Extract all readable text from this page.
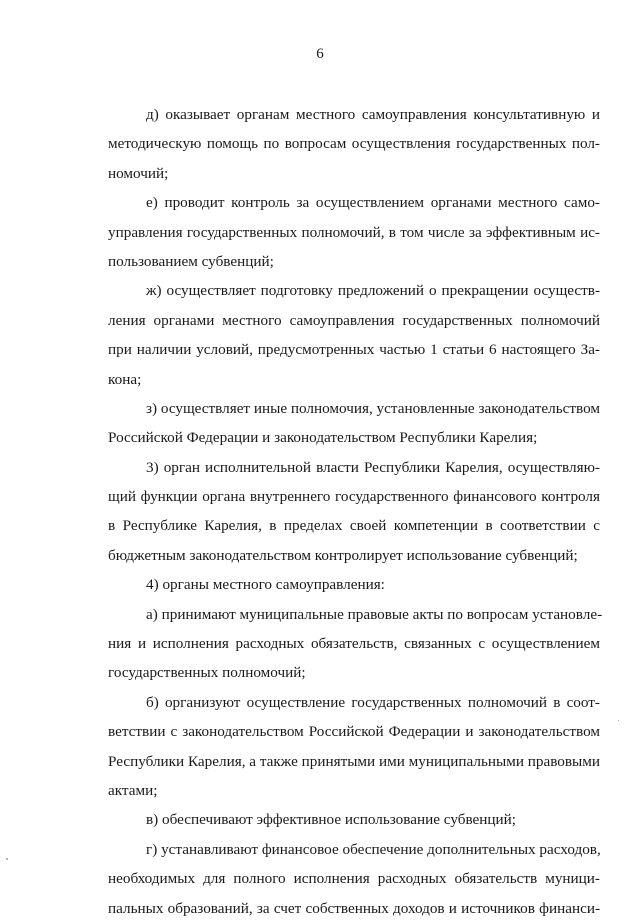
6
д) оказывает органам местного самоуправления консультативную и
методическую помощь по вопросам осуществления государственных пол-
номочий;
е) проводит контроль за осуществлением органами местного само-
управления государственных полномочий, в том числе за эффективным ис-
пользованием субвенций;
ж) осуществляет подготовку предложений о прекращении осуществ-
ления органами местного самоуправления государственных полномочий
при наличии условий, предусмотренных частью 1 статьи 6 настоящего За-
кона;
з) осуществляет иные полномочия, установленные законодательством
Российской Федерации и законодательством Республики Карелия;
3) орган исполнительной власти Республики Карелия, осуществляю-
щий функции органа внутреннего государственного финансового контроля
в Республике Карелия, в пределах своей компетенции в соответствии с
бюджетным законодательством контролирует использование субвенций;
4) органы местного самоуправления:
а) принимают муниципальные правовые акты по вопросам установле-
ния и исполнения расходных обязательств, связанных с осуществлением
государственных полномочий;
б) организуют осуществление государственных полномочий в соот-
ветствии с законодательством Российской Федерации и законодательством
Республики Карелия, а также принятыми ими муниципальными правовыми
актами;
в) обеспечивают эффективное использование субвенций;
г) устанавливают финансовое обеспечение дополнительных расходов,
необходимых для полного исполнения расходных обязательств муници-
пальных образований, за счет собственных доходов и источников финанси-
